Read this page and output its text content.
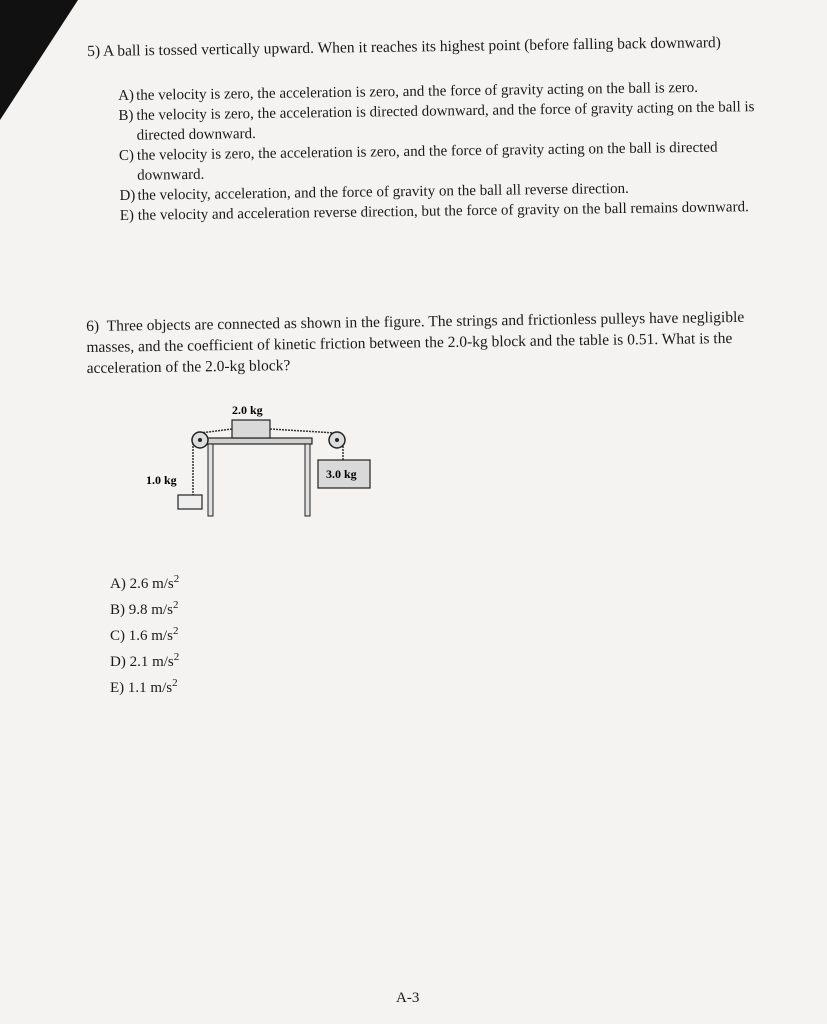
5) A ball is tossed vertically upward. When it reaches its highest point (before falling back downward)
A) the velocity is zero, the acceleration is zero, and the force of gravity acting on the ball is zero.
B) the velocity is zero, the acceleration is directed downward, and the force of gravity acting on the ball is directed downward.
C) the velocity is zero, the acceleration is zero, and the force of gravity acting on the ball is directed downward.
D) the velocity, acceleration, and the force of gravity on the ball all reverse direction.
E) the velocity and acceleration reverse direction, but the force of gravity on the ball remains downward.
6) Three objects are connected as shown in the figure. The strings and frictionless pulleys have negligible masses, and the coefficient of kinetic friction between the 2.0-kg block and the table is 0.51. What is the acceleration of the 2.0-kg block?
2.0 kg
1.0 kg	3.0 kg
A) 2.6 $m/s^2$
B) 9.8 $m/s^2$
C) 1.6 $m/s^2$
D) 2.1 $m/s^2$
E) 1.1 $m/s^2$
A-3
